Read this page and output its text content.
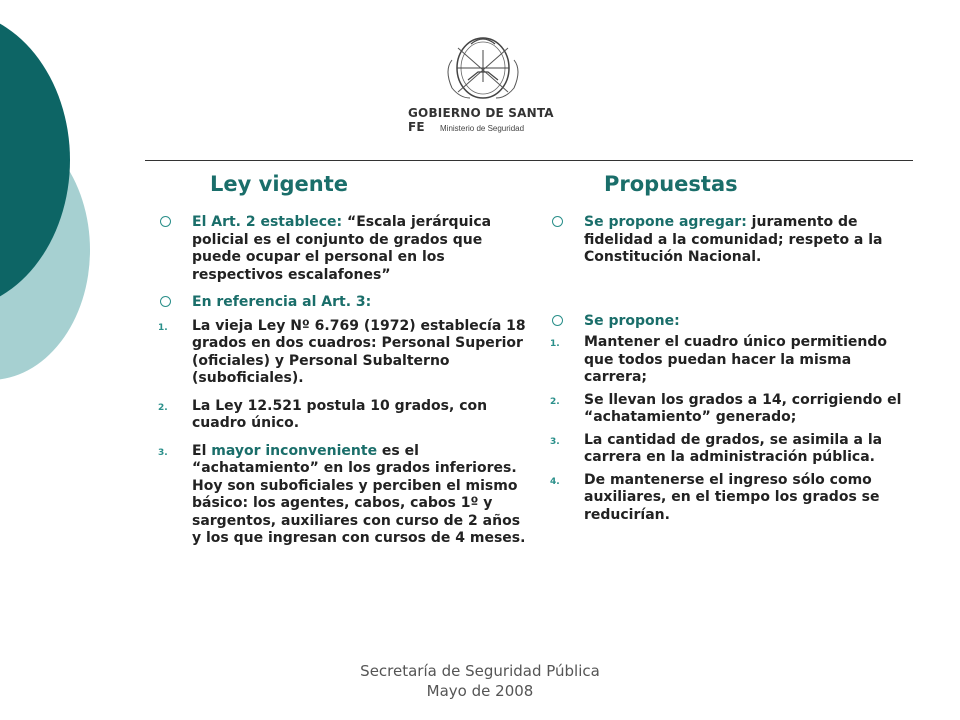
GOBIERNO DE SANTA FE	Ministerio de Seguridad
Ley vigente	Propuestas

El Art. 2 establece: “Escala jerárquica policial es el conjunto de grados que puede ocupar el personal en los respectivos escalafones”

En referencia al Art. 3:

1. La vieja Ley Nº 6.769 (1972) establecía 18 grados en dos cuadros: Personal Superior (oficiales) y Personal Subalterno (suboficiales).

2. La Ley 12.521 postula 10 grados, con cuadro único.

3. El mayor inconveniente es el “achatamiento” en los grados inferiores. Hoy son suboficiales y perciben el mismo básico: los agentes, cabos, cabos 1º y sargentos, auxiliares con curso de 2 años y los que ingresan con cursos de 4 meses.

Se propone agregar: juramento de fidelidad a la comunidad; respeto a la Constitución Nacional.

Se propone:

1. Mantener el cuadro único permitiendo que todos puedan hacer la misma carrera;

2. Se llevan los grados a 14, corrigiendo el “achatamiento” generado;

3. La cantidad de grados, se asimila a la carrera en la administración pública.

4. De mantenerse el ingreso sólo como auxiliares, en el tiempo los grados se reducirían.

Secretaría de Seguridad Pública
Mayo de 2008
